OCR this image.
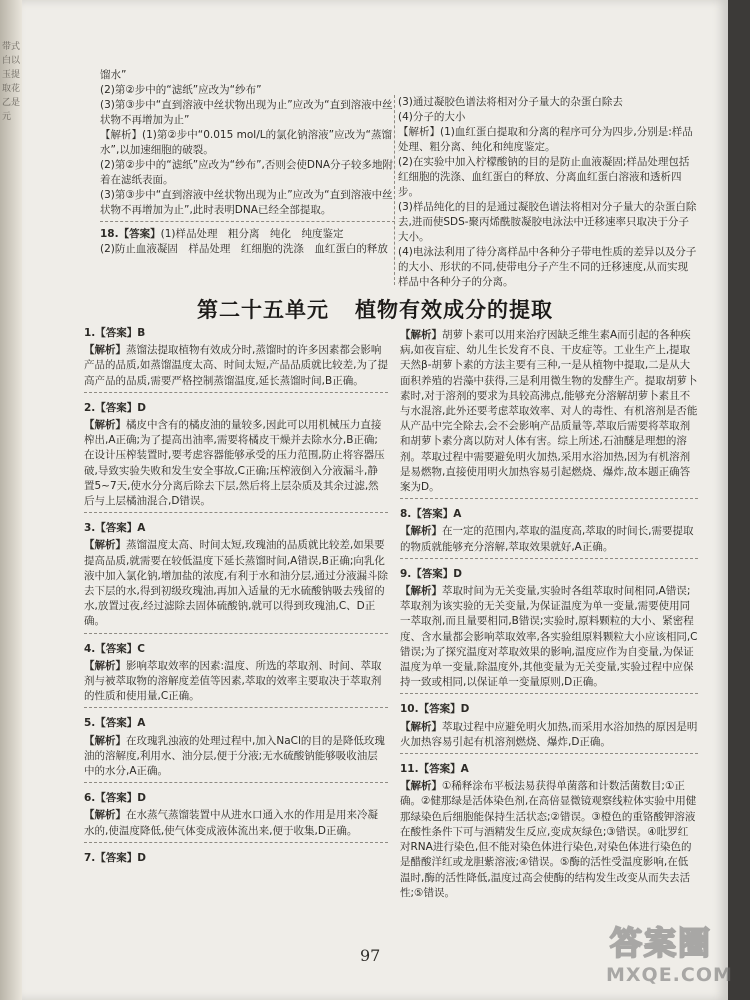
带式白以玉提取花乙是元

馏水”

(2)第②步中的“滤纸”应改为“纱布”

(3)第③步中“直到溶液中丝状物出现为止”应改为“直到溶液中丝状物不再增加为止”

【解析】(1)第②步中“0.015 mol/L的氯化钠溶液”应改为“蒸馏水”,以加速细胞的破裂。

(2)第②步中的“滤纸”应改为“纱布”,否则会使DNA分子较多地附着在滤纸表面。

(3)第③步中“直到溶液中丝状物出现为止”应改为“直到溶液中丝状物不再增加为止”,此时表明DNA已经全部提取。

18.【答案】(1)样品处理　粗分离　纯化　纯度鉴定

(2)防止血液凝固　样品处理　红细胞的洗涤　血红蛋白的释放

(3)通过凝胶色谱法将相对分子量大的杂蛋白除去

(4)分子的大小

【解析】(1)血红蛋白提取和分离的程序可分为四步,分别是:样品处理、粗分离、纯化和纯度鉴定。

(2)在实验中加入柠檬酸钠的目的是防止血液凝固;样品处理包括红细胞的洗涤、血红蛋白的释放、分离血红蛋白溶液和透析四步。

(3)样品纯化的目的是通过凝胶色谱法将相对分子量大的杂蛋白除去,进而使SDS-聚丙烯酰胺凝胶电泳法中迁移速率只取决于分子大小。

(4)电泳法利用了待分离样品中各种分子带电性质的差异以及分子的大小、形状的不同,使带电分子产生不同的迁移速度,从而实现样品中各种分子的分离。

第二十五单元 植物有效成分的提取

1.【答案】B

【解析】蒸馏法提取植物有效成分时,蒸馏时的许多因素都会影响产品的品质,如蒸馏温度太高、时间太短,产品品质就比较差,为了提高产品的品质,需要严格控制蒸馏温度,延长蒸馏时间,B正确。

2.【答案】D

【解析】橘皮中含有的橘皮油的量较多,因此可以用机械压力直接榨出,A正确;为了提高出油率,需要将橘皮干燥并去除水分,B正确;在设计压榨装置时,要考虑容器能够承受的压力范围,防止将容器压破,导致实验失败和发生安全事故,C正确;压榨液倒入分液漏斗,静置5~7天,使水分分离后除去下层,然后将上层杂质及其余过滤,然后与上层橘油混合,D错误。

3.【答案】A

【解析】蒸馏温度太高、时间太短,玫瑰油的品质就比较差,如果要提高品质,就需要在较低温度下延长蒸馏时间,A错误,B正确;向乳化液中加入氯化钠,增加盐的浓度,有利于水和油分层,通过分液漏斗除去下层的水,得到初级玫瑰油,再加入适量的无水硫酸钠吸去残留的水,放置过夜,经过滤除去固体硫酸钠,就可以得到玫瑰油,C、D正确。

4.【答案】C

【解析】影响萃取效率的因素:温度、所选的萃取剂、时间、萃取剂与被萃取物的溶解度差值等因素,萃取的效率主要取决于萃取剂的性质和使用量,C正确。

5.【答案】A

【解析】在玫瑰乳浊液的处理过程中,加入NaCl的目的是降低玫瑰油的溶解度,利用水、油分层,便于分液;无水硫酸钠能够吸收油层中的水分,A正确。

6.【答案】D

【解析】在水蒸气蒸馏装置中从进水口通入水的作用是用来冷凝水的,使温度降低,使气体变成液体流出来,便于收集,D正确。

7.【答案】D

【解析】胡萝卜素可以用来治疗因缺乏维生素A而引起的各种疾病,如夜盲症、幼儿生长发育不良、干皮症等。工业生产上,提取天然β-胡萝卜素的方法主要有三种,一是从植物中提取,二是从大面积养殖的岩藻中获得,三是利用微生物的发酵生产。提取胡萝卜素时,对于溶剂的要求为具较高沸点,能够充分溶解胡萝卜素且不与水混溶,此外还要考虑萃取效率、对人的毒性、有机溶剂是否能从产品中完全除去,会不会影响产品质量等,萃取后需要将萃取剂和胡萝卜素分离以防对人体有害。综上所述,石油醚是理想的溶剂。萃取过程中需要避免明火加热,采用水浴加热,因为有机溶剂是易燃物,直接使用明火加热容易引起燃烧、爆炸,故本题正确答案为D。

8.【答案】A

【解析】在一定的范围内,萃取的温度高,萃取的时间长,需要提取的物质就能够充分溶解,萃取效果就好,A正确。

9.【答案】D

【解析】萃取时间为无关变量,实验时各组萃取时间相同,A错误;萃取剂为该实验的无关变量,为保证温度为单一变量,需要使用同一萃取剂,而且量要相同,B错误;实验时,原料颗粒的大小、紧密程度、含水量都会影响萃取效率,各实验组原料颗粒大小应该相同,C错误;为了探究温度对萃取效果的影响,温度应作为自变量,为保证温度为单一变量,除温度外,其他变量为无关变量,实验过程中应保持一致或相同,以保证单一变量原则,D正确。

10.【答案】D

【解析】萃取过程中应避免明火加热,而采用水浴加热的原因是明火加热容易引起有机溶剂燃烧、爆炸,D正确。

11.【答案】A

【解析】①稀释涂布平板法易获得单菌落和计数活菌数目;①正确。②健那绿是活体染色剂,在高倍显微镜观察线粒体实验中用健那绿染色后细胞能保持生活状态;②错误。③橙色的重铬酸钾溶液在酸性条件下可与酒精发生反应,变成灰绿色;③错误。④吡罗红对RNA进行染色,但不能对染色体进行染色,对染色体进行染色的是醋酸洋红或龙胆紫溶液;④错误。⑤酶的活性受温度影响,在低温时,酶的活性降低,温度过高会使酶的结构发生改变从而失去活性;⑤错误。

97	答案圈
MXQE.COM
